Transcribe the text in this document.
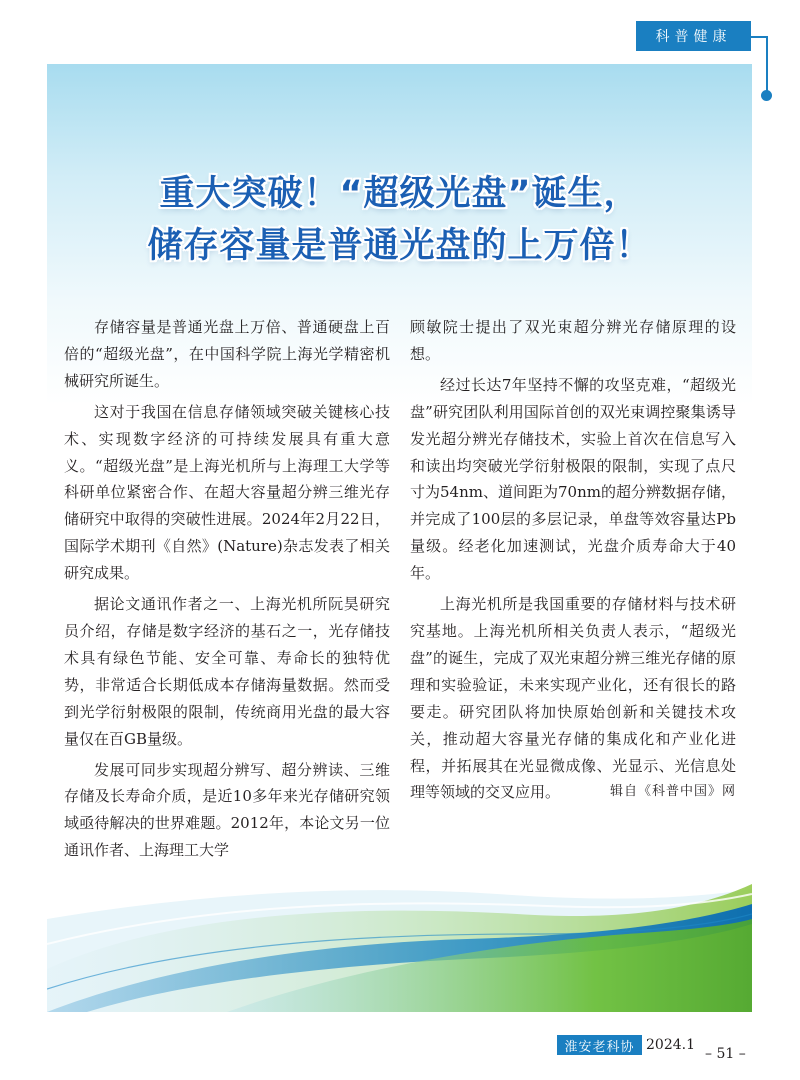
科普健康
重大突破！“超级光盘”诞生，
储存容量是普通光盘的上万倍！

存储容量是普通光盘上万倍、普通硬盘上百倍的“超级光盘”，在中国科学院上海光学精密机械研究所诞生。

这对于我国在信息存储领域突破关键核心技术、实现数字经济的可持续发展具有重大意义。“超级光盘”是上海光机所与上海理工大学等科研单位紧密合作、在超大容量超分辨三维光存储研究中取得的突破性进展。2024年2月22日，国际学术期刊《自然》(Nature)杂志发表了相关研究成果。

据论文通讯作者之一、上海光机所阮昊研究员介绍，存储是数字经济的基石之一，光存储技术具有绿色节能、安全可靠、寿命长的独特优势，非常适合长期低成本存储海量数据。然而受到光学衍射极限的限制，传统商用光盘的最大容量仅在百GB量级。

发展可同步实现超分辨写、超分辨读、三维存储及长寿命介质，是近10多年来光存储研究领域亟待解决的世界难题。2012年，本论文另一位通讯作者、上海理工大学

顾敏院士提出了双光束超分辨光存储原理的设想。

经过长达7年坚持不懈的攻坚克难，“超级光盘”研究团队利用国际首创的双光束调控聚集诱导发光超分辨光存储技术，实验上首次在信息写入和读出均突破光学衍射极限的限制，实现了点尺寸为54nm、道间距为70nm的超分辨数据存储，并完成了100层的多层记录，单盘等效容量达Pb量级。经老化加速测试，光盘介质寿命大于40年。

上海光机所是我国重要的存储材料与技术研究基地。上海光机所相关负责人表示，“超级光盘”的诞生，完成了双光束超分辨三维光存储的原理和实验验证，未来实现产业化，还有很长的路要走。研究团队将加快原始创新和关键技术攻关，推动超大容量光存储的集成化和产业化进程，并拓展其在光显微成像、光显示、光信息处理等领域的交叉应用。	辑自《科普中国》网

淮安老科协 2024.1
– 51 –
